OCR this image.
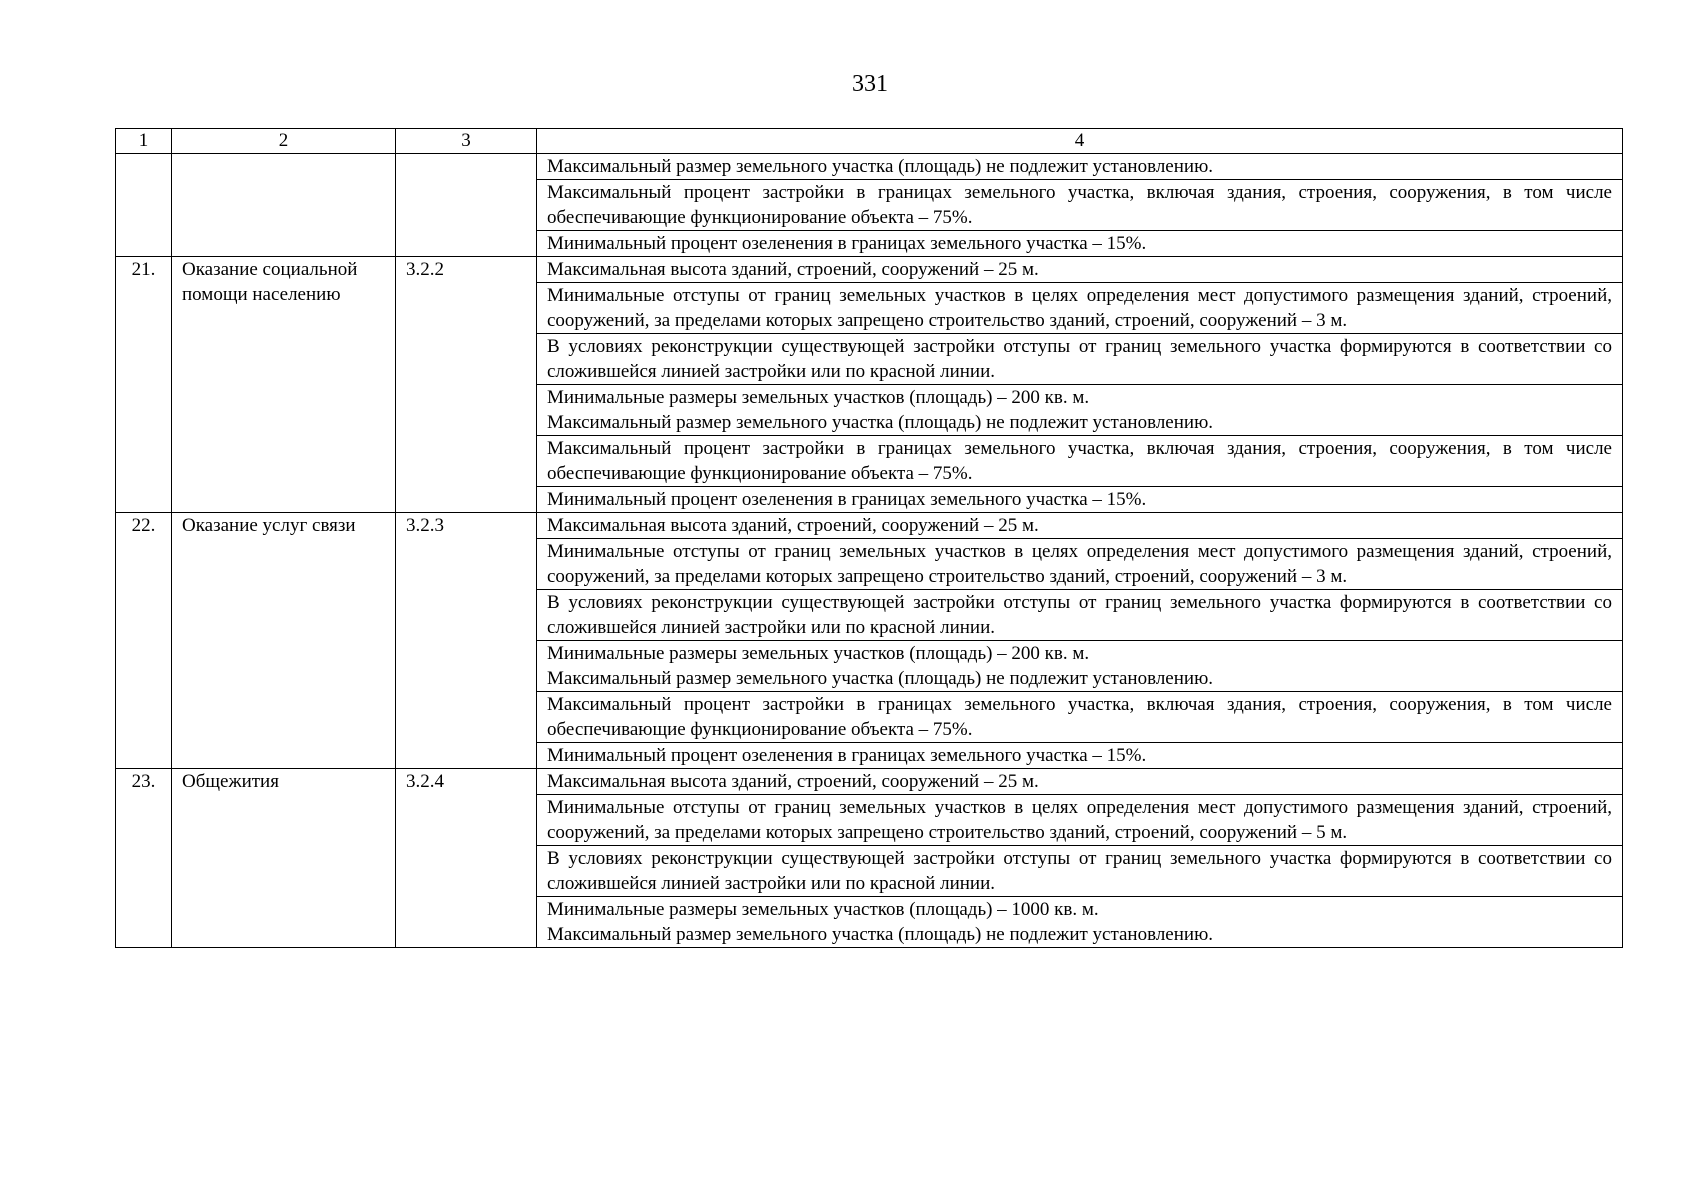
331
1	2	3	4
			Максимальный размер земельного участка (площадь) не подлежит установлению.
			Максимальный процент застройки в границах земельного участка, включая здания, строения, сооружения, в том числе обеспечивающие функционирование объекта – 75%.
			Минимальный процент озеленения в границах земельного участка – 15%.
21.	Оказание социальной помощи населению	3.2.2	Максимальная высота зданий, строений, сооружений – 25 м.
			Минимальные отступы от границ земельных участков в целях определения мест допустимого размещения зданий, строений, сооружений, за пределами которых запрещено строительство зданий, строений, сооружений – 3 м.
			В условиях реконструкции существующей застройки отступы от границ земельного участка формируются в соответствии со сложившейся линией застройки или по красной линии.

			Минимальные размеры земельных участков (площадь) – 200 кв. м.
Максимальный размер земельного участка (площадь) не подлежит установлению.

			Максимальный процент застройки в границах земельного участка, включая здания, строения, сооружения, в том числе обеспечивающие функционирование объекта – 75%.
			Минимальный процент озеленения в границах земельного участка – 15%.
22.	Оказание услуг связи	3.2.3	Максимальная высота зданий, строений, сооружений – 25 м.
			Минимальные отступы от границ земельных участков в целях определения мест допустимого размещения зданий, строений, сооружений, за пределами которых запрещено строительство зданий, строений, сооружений – 3 м.
			В условиях реконструкции существующей застройки отступы от границ земельного участка формируются в соответствии со сложившейся линией застройки или по красной линии.

			Минимальные размеры земельных участков (площадь) – 200 кв. м.
Максимальный размер земельного участка (площадь) не подлежит установлению.

			Максимальный процент застройки в границах земельного участка, включая здания, строения, сооружения, в том числе обеспечивающие функционирование объекта – 75%.
			Минимальный процент озеленения в границах земельного участка – 15%.
23.	Общежития	3.2.4	Максимальная высота зданий, строений, сооружений – 25 м.
			Минимальные отступы от границ земельных участков в целях определения мест допустимого размещения зданий, строений, сооружений, за пределами которых запрещено строительство зданий, строений, сооружений – 5 м.
			В условиях реконструкции существующей застройки отступы от границ земельного участка формируются в соответствии со сложившейся линией застройки или по красной линии.

			Минимальные размеры земельных участков (площадь) – 1000 кв. м.
Максимальный размер земельного участка (площадь) не подлежит установлению.
